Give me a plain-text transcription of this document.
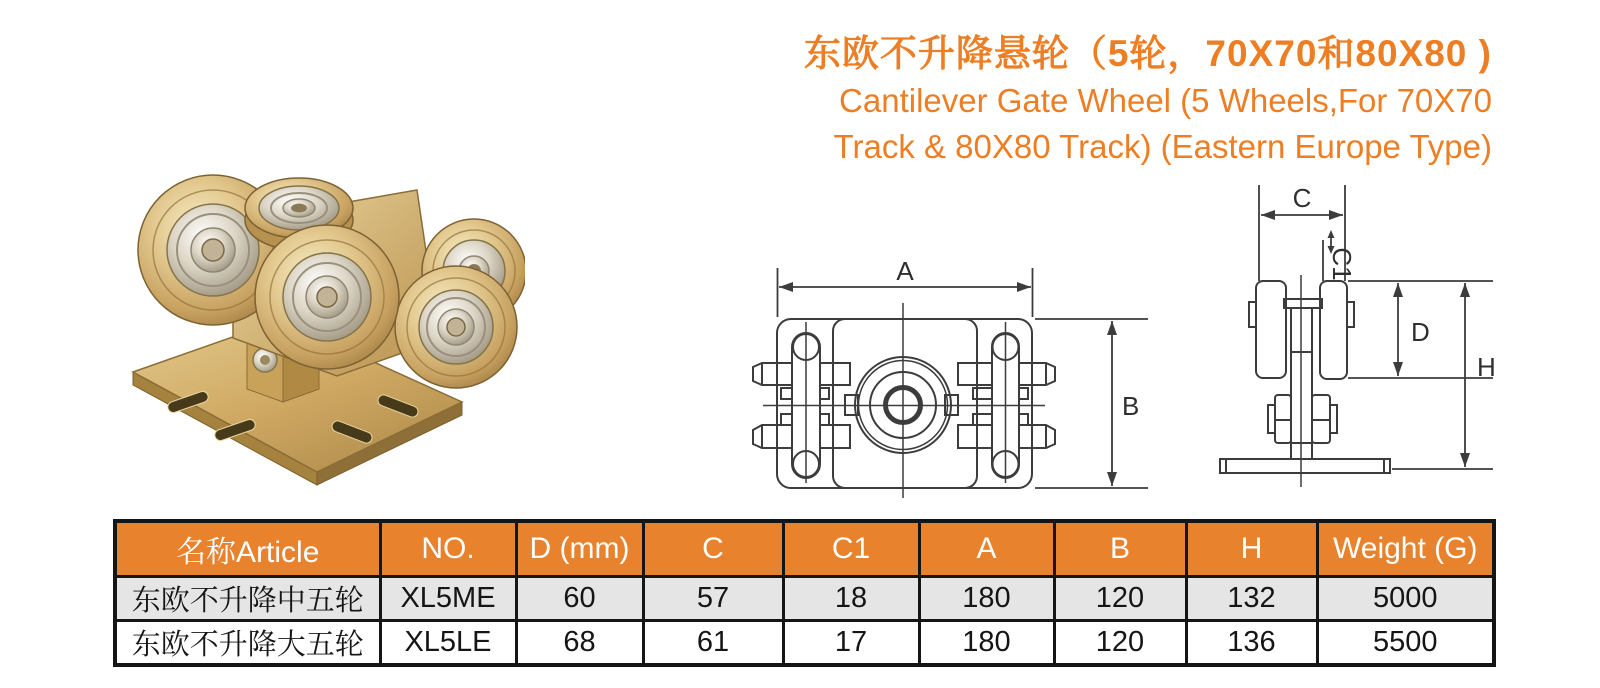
东欧不升降悬轮（5轮，70X70和80X80 )
Cantilever Gate Wheel (5 Wheels,For 70X70
Track & 80X80 Track) (Eastern Europe Type)
A
B
C
C1
D
H
名称Article	NO.	D (mm)	C	C1	A	B	H	Weight (G)
东欧不升降中五轮	XL5ME	60	57	18	180	120	132	5000
东欧不升降大五轮	XL5LE	68	61	17	180	120	136	5500
